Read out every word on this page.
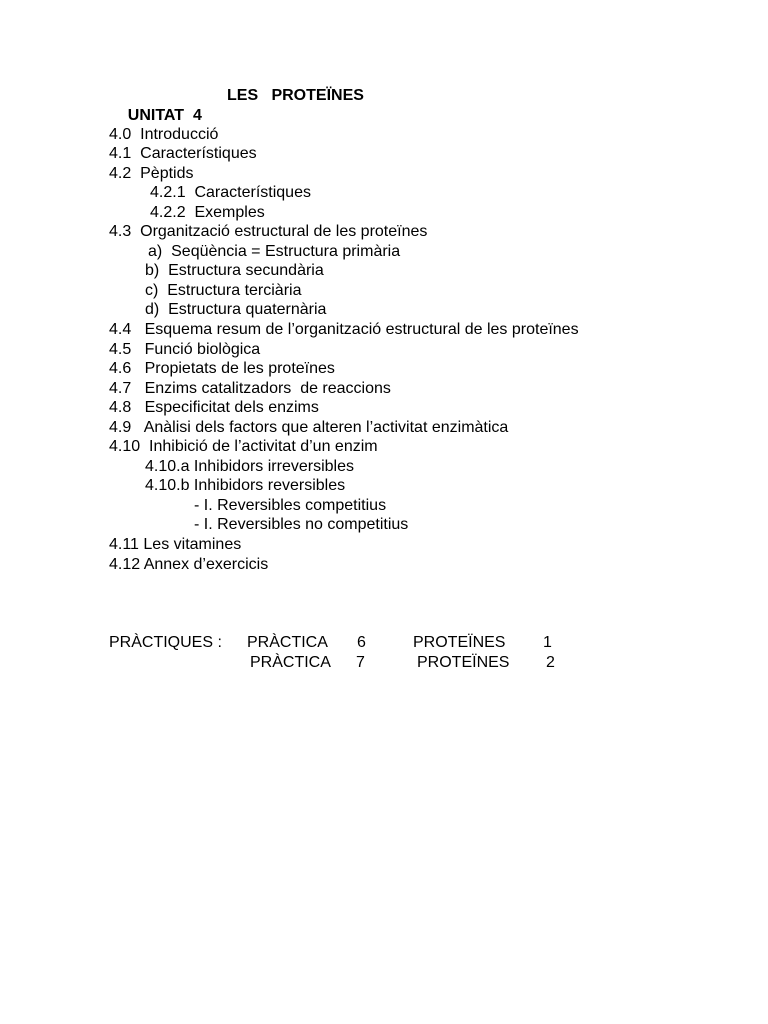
UNITAT  4

LES   PROTEÏNES

4.0  Introducció
4.1  Característiques
4.2  Pèptids
4.2.1  Característiques
4.2.2  Exemples
4.3  Organització estructural de les proteïnes
a)  Seqüència = Estructura primària
b)  Estructura secundària
c)  Estructura terciària
d)  Estructura quaternària
4.4   Esquema resum de l’organització estructural de les proteïnes
4.5   Funció biològica
4.6   Propietats de les proteïnes
4.7   Enzims catalitzadors  de reaccions
4.8   Especificitat dels enzims
4.9   Anàlisi dels factors que alteren l’activitat enzimàtica
4.10  Inhibició de l’activitat d’un enzim
4.10.a Inhibidors irreversibles
4.10.b Inhibidors reversibles
- I. Reversibles competitius
- I. Reversibles no competitius
4.11 Les vitamines
4.12 Annex d’exercicis
PRÀCTIQUES : PRÀCTICA 6	PROTEÏNES 1
PRÀCTICA 7	PROTEÏNES 2
